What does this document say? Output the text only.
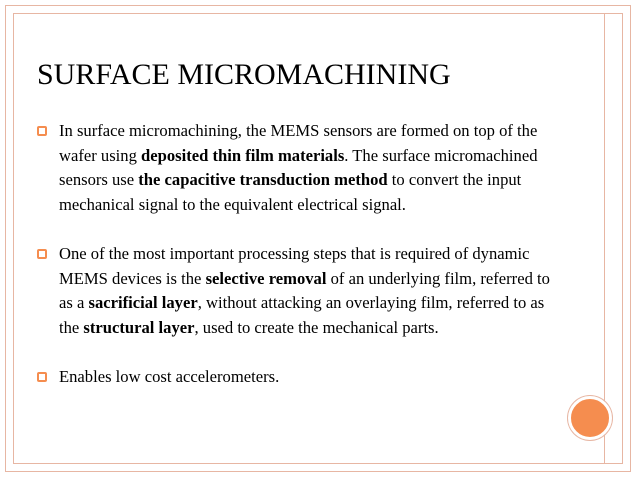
SURFACE MICROMACHINING
In surface micromachining, the MEMS sensors are formed on top of the wafer using deposited thin film materials. The surface micromachined sensors use the capacitive transduction method to convert the input mechanical signal to the equivalent electrical signal.
One of the most important processing steps that is required of dynamic MEMS devices is the selective removal of an underlying film, referred to as a sacrificial layer, without attacking an overlaying film, referred to as the structural layer, used to create the mechanical parts.
Enables low cost accelerometers.
